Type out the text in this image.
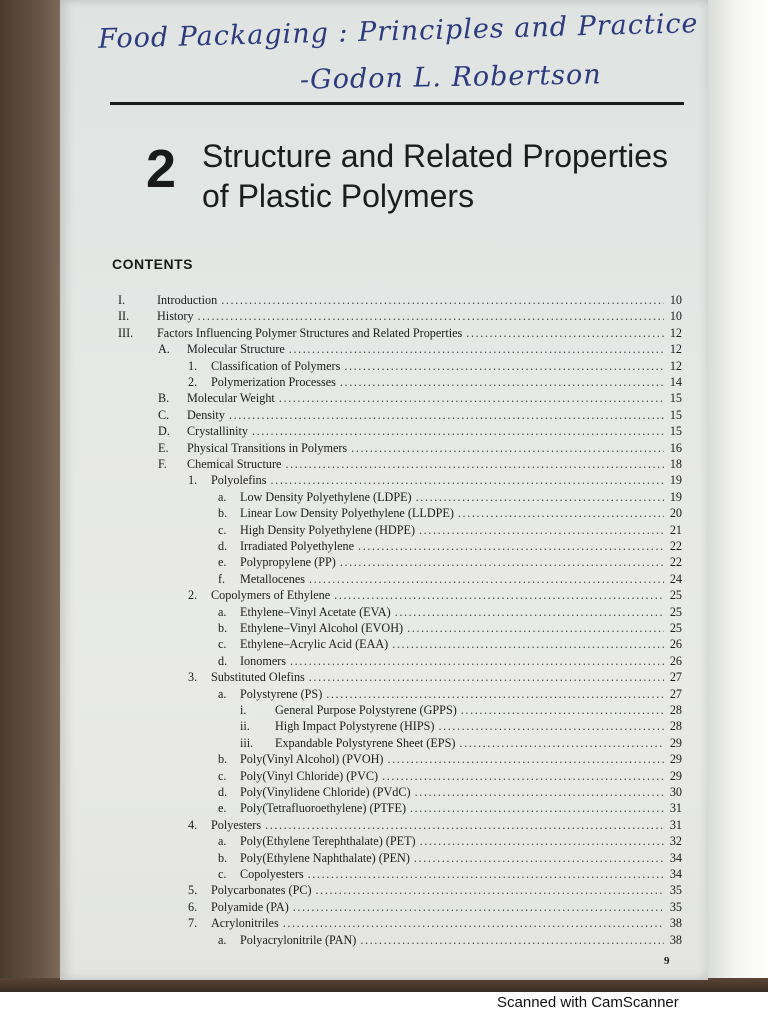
Food Packaging : Principles and Practice
-Godon L. Robertson
2 Structure and Related Properties
of Plastic Polymers
CONTENTS
I.	Introduction .....	10
II.	History .....	10
III.	Factors Influencing Polymer Structures and Related Properties .....	12
A.	Molecular Structure .....	12
1.	Classification of Polymers .....	12
2.	Polymerization Processes .....	14
B.	Molecular Weight .....	15
C.	Density .....	15
D.	Crystallinity .....	15
E.	Physical Transitions in Polymers .....	16
F.	Chemical Structure .....	18
1.	Polyolefins .....	19
a.	Low Density Polyethylene (LDPE) .....	19
b.	Linear Low Density Polyethylene (LLDPE) .....	20
c.	High Density Polyethylene (HDPE) .....	21
d.	Irradiated Polyethylene .....	22
e.	Polypropylene (PP) .....	22
f.	Metallocenes .....	24
2.	Copolymers of Ethylene .....	25
a.	Ethylene–Vinyl Acetate (EVA) .....	25
b.	Ethylene–Vinyl Alcohol (EVOH) .....	25
c.	Ethylene–Acrylic Acid (EAA) .....	26
d.	Ionomers .....	26
3.	Substituted Olefins .....	27
a.	Polystyrene (PS) .....	27
i.	General Purpose Polystyrene (GPPS) .....	28
ii.	High Impact Polystyrene (HIPS) .....	28
iii.	Expandable Polystyrene Sheet (EPS) .....	29
b.	Poly(Vinyl Alcohol) (PVOH) .....	29
c.	Poly(Vinyl Chloride) (PVC) .....	29
d.	Poly(Vinylidene Chloride) (PVdC) .....	30
e.	Poly(Tetrafluoroethylene) (PTFE) .....	31
4.	Polyesters .....	31
a.	Poly(Ethylene Terephthalate) (PET) .....	32
b.	Poly(Ethylene Naphthalate) (PEN) .....	34
c.	Copolyesters .....	34
5.	Polycarbonates (PC) .....	35
6.	Polyamide (PA) .....	35
7.	Acrylonitriles .....	38
a.	Polyacrylonitrile (PAN) .....	38
9
Scanned with CamScanner
